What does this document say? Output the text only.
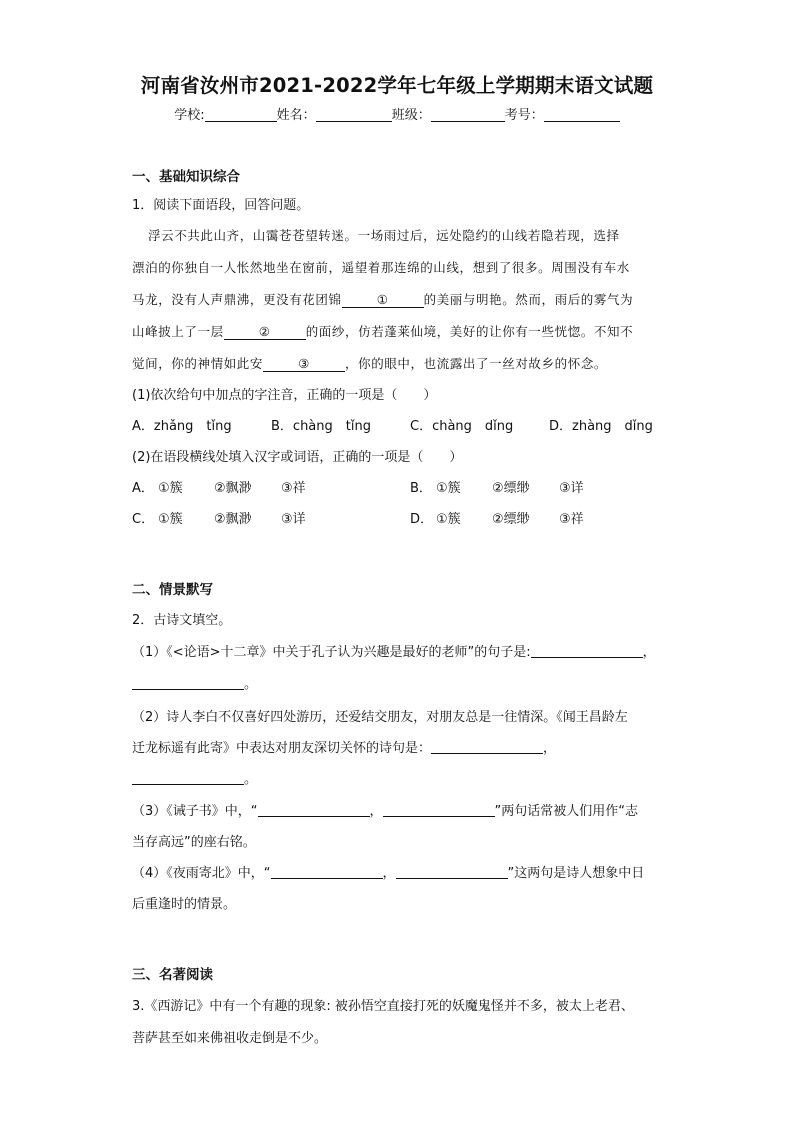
河南省汝州市2021-2022学年七年级上学期期末语文试题
学校:	姓名：	班级：	考号：
一、基础知识综合
1．阅读下面语段，回答问题。
浮云不共此山齐，山霭苍苍望转迷。一场雨过后，远处隐约的山线若隐若现，选择
漂泊的你独自一人怅然地坐在窗前，遥望着那连绵的山线，想到了很多。周围没有车水
马龙，没有人声鼎沸，更没有花团锦	①	的美丽与明艳。然而，雨后的雾气为
山峰披上了一层	②	的面纱，仿若蓬莱仙境，美好的让你有一些恍惚。不知不
觉间，你的神情如此安	③	，你的眼中，也流露出了一丝对故乡的怀念。
(1)依次给句中加点的字注音，正确的一项是（　　）
A．zhǎng　tǐng	B．chàng　tǐng	C．chàng　dǐng	D．zhàng　dǐng
(2)在语段横线处填入汉字或词语，正确的一项是（　　）
A． ①簇 ②飘渺 ③祥	B． ①簇 ②缥缈 ③详
C． ①簇 ②飘渺 ③详	D． ①簇 ②缥缈 ③祥
二、情景默写
2．古诗文填空。
（1）《<论语>十二章》中关于孔子认为兴趣是最好的老师”的句子是:	，
。
（2）诗人李白不仅喜好四处游历，还爱结交朋友，对朋友总是一往情深。《闻王昌龄左
迁龙标遥有此寄》中表达对朋友深切关怀的诗句是：	，
。
（3）《诫子书》中，“	，	”两句话常被人们用作“志
当存高远”的座右铭。
（4）《夜雨寄北》中，“	，	”这两句是诗人想象中日
后重逢时的情景。
三、名著阅读
3.《西游记》中有一个有趣的现象: 被孙悟空直接打死的妖魔鬼怪并不多，被太上老君、
菩萨甚至如来佛祖收走倒是不少。
